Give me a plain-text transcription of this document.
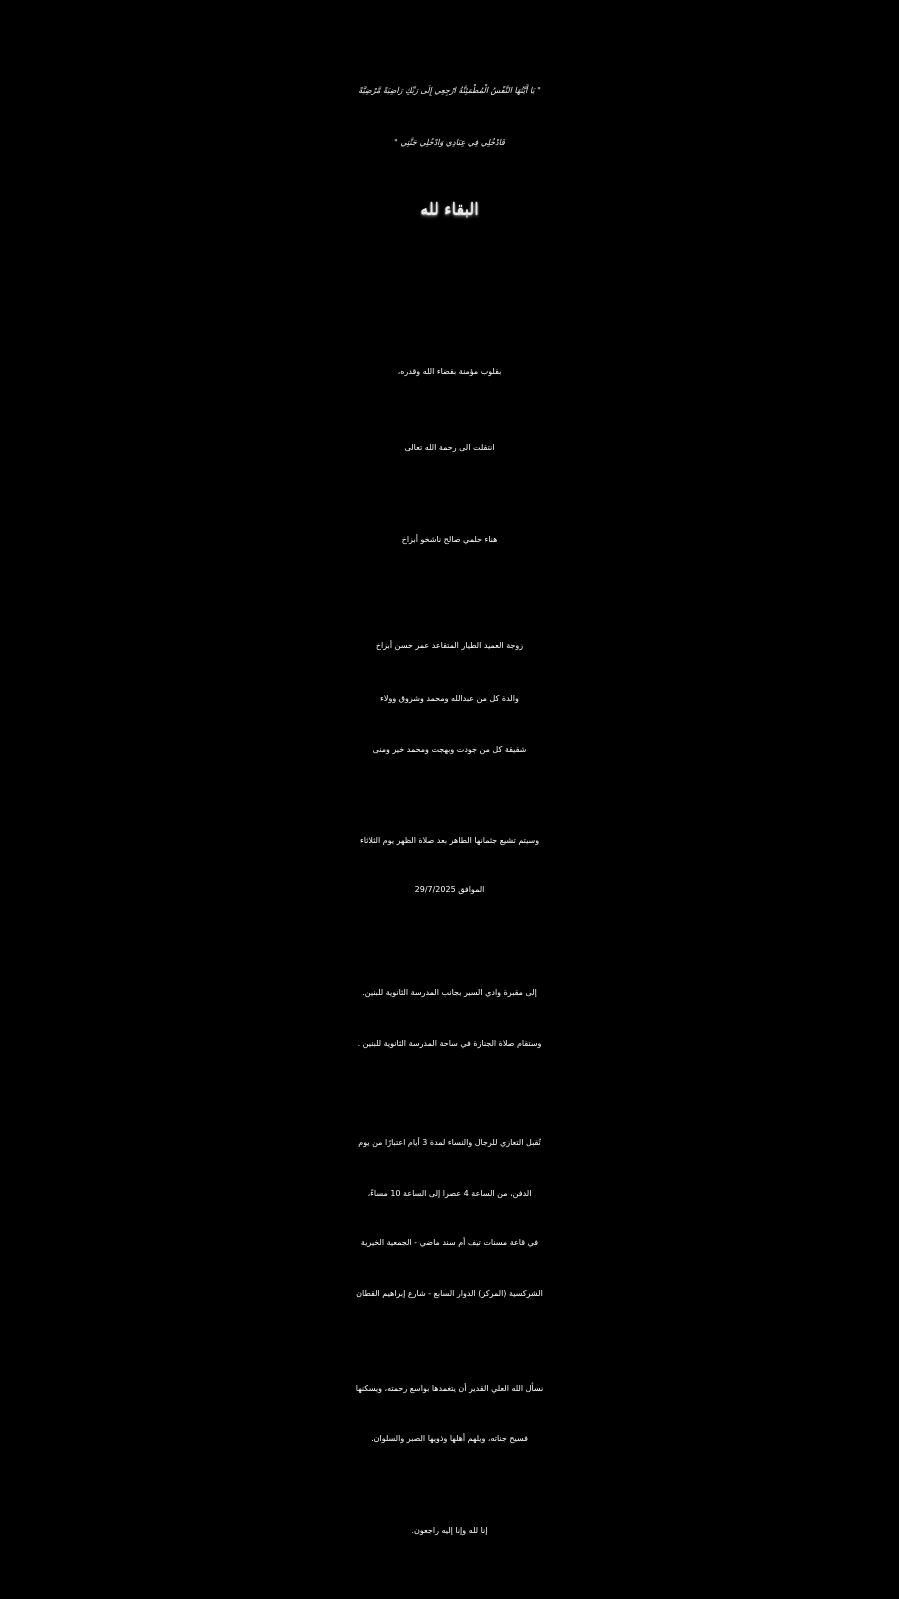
" يَا أَيَّتُهَا النَّفْسُ الْمُطْمَئِنَّةُ ارْجِعِي إِلَى رَبِّكِ رَاضِيَةً مَّرْضِيَّةً
فَادْخُلِي فِي عِبَادِي وَادْخُلِي جَنَّتِي "
البقاء لله
بقلوب مؤمنة بقضاء الله وقدره،
انتقلت الى رحمة الله تعالى
هناء حلمي صالح ناشخو أبزاخ
زوجة العميد الطيار المتقاعد عمر حسن أبزاخ
والدة كل من عبدالله ومحمد وشروق وولاء
شقيقة كل من جودت وبهجت ومحمد خير ومنى
وسيتم تشيع جثمانها الطاهر بعد صلاة الظهر يوم الثلاثاء
الموافق 29/7/2025
إلى مقبرة وادي السير بجانب المدرسة الثانوية للبنين.
وستقام صلاة الجنازة في ساحة المدرسة الثانوية للبنين .
تُقبل التعازي للرجال والنساء لمدة 3 أيام اعتبارًا من يوم
الدفن، من الساعة 4 عصرا إلى الساعة 10 مساءً،
في قاعة مسنات تيف أم سند ماضي - الجمعية الخيرية
الشركسية (المركز) الدوار السابع - شارع إبراهيم القطان
نسأل الله العلي القدير أن يتغمدها بواسع رحمته، ويسكنها
فسيح جناته، ويلهم أهلها وذويها الصبر والسلوان.
إنا لله وإنا إليه راجعون.
